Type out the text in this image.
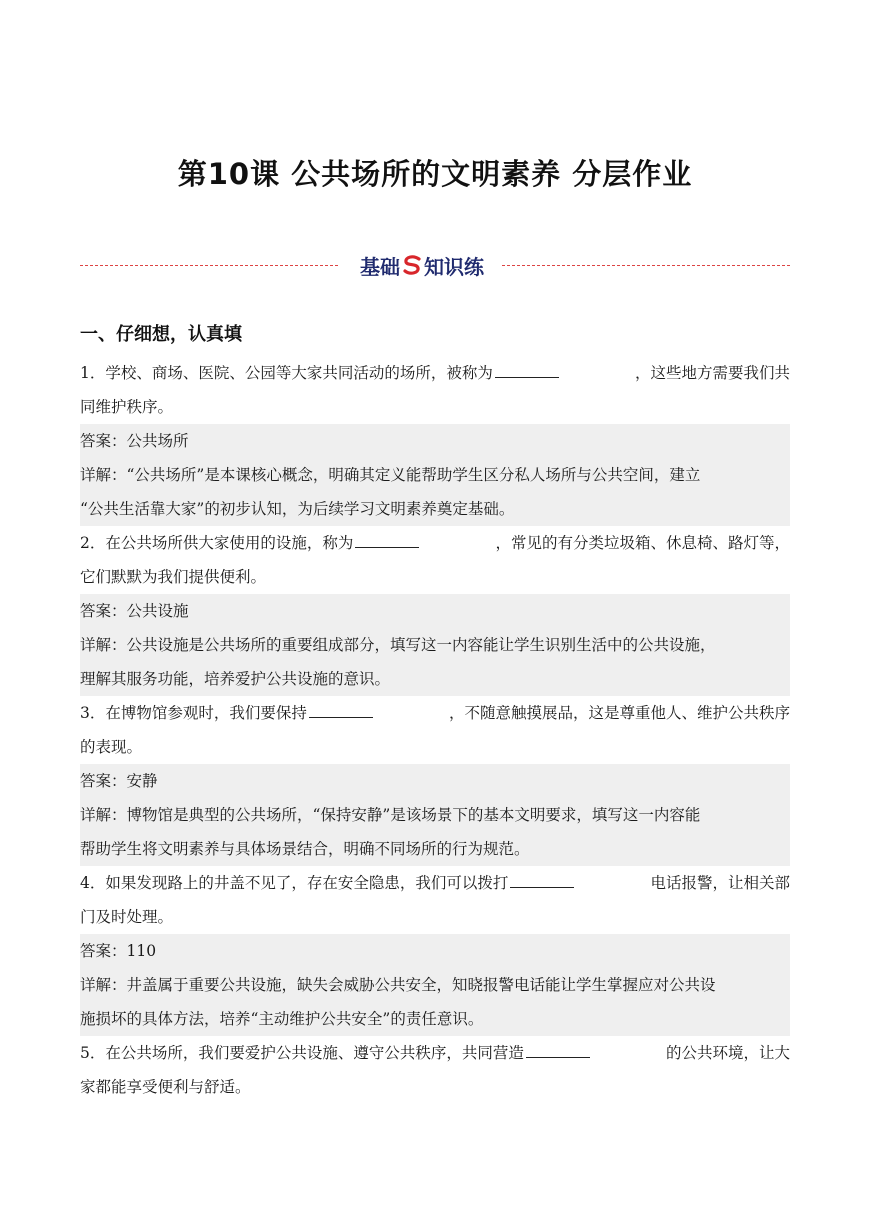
第10课 公共场所的文明素养 分层作业
基础 知识练
一、仔细想，认真填
1．学校、商场、医院、公园等大家共同活动的场所，被称为	，这些地方需要我们共
同维护秩序。
答案：公共场所
详解：“公共场所”是本课核心概念，明确其定义能帮助学生区分私人场所与公共空间，建立
“公共生活靠大家”的初步认知，为后续学习文明素养奠定基础。
2．在公共场所供大家使用的设施，称为	，常见的有分类垃圾箱、休息椅、路灯等，
它们默默为我们提供便利。
答案：公共设施
详解：公共设施是公共场所的重要组成部分，填写这一内容能让学生识别生活中的公共设施，
理解其服务功能，培养爱护公共设施的意识。
3．在博物馆参观时，我们要保持	，不随意触摸展品，这是尊重他人、维护公共秩序
的表现。
答案：安静
详解：博物馆是典型的公共场所，“保持安静”是该场景下的基本文明要求，填写这一内容能
帮助学生将文明素养与具体场景结合，明确不同场所的行为规范。
4．如果发现路上的井盖不见了，存在安全隐患，我们可以拨打	电话报警，让相关部
门及时处理。
答案：110
详解：井盖属于重要公共设施，缺失会威胁公共安全，知晓报警电话能让学生掌握应对公共设
施损坏的具体方法，培养“主动维护公共安全”的责任意识。
5．在公共场所，我们要爱护公共设施、遵守公共秩序，共同营造	的公共环境，让大
家都能享受便利与舒适。
